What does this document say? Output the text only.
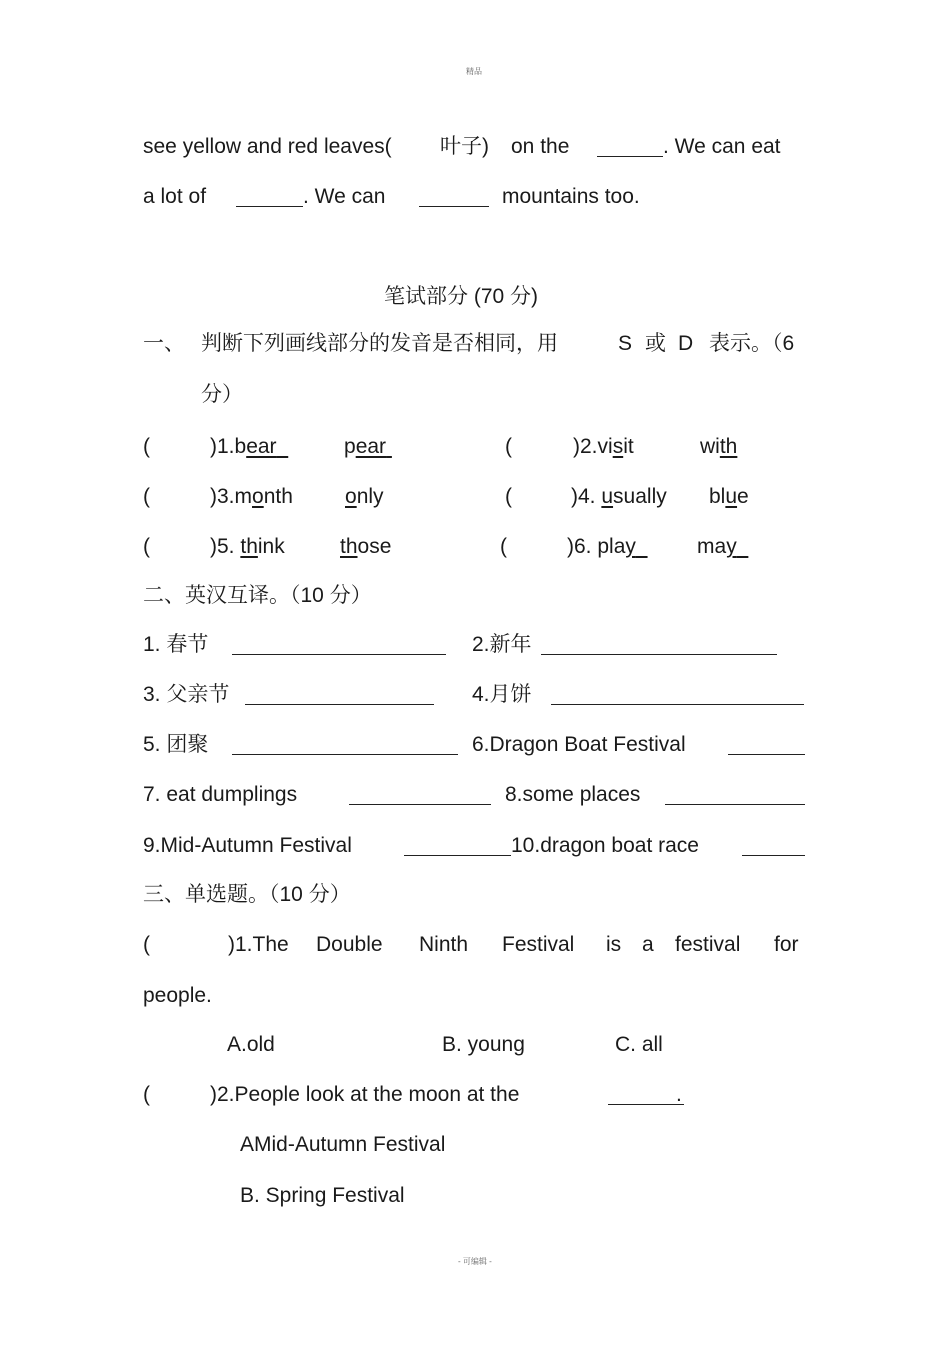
精品
- 可编辑 -
see yellow and red leaves( 叶子) on the	. We can eat
a lot of	. We can	mountains too.
笔试部分 (70 分)
一、 判断下列画线部分的发音是否相同，用	S 或 D 表示。（6
分）
(	)1.bear	pear	(	)2.visit	with
(	)3.month only	(	)4. usually blue
(	)5. think	those	(	)6. play	may
二、英汉互译。（10 分）
1. 春节	2.新年
3. 父亲节	4.月饼
5. 团聚	6.Dragon Boat Festival
7. eat dumplings	8.some places
9.Mid-Autumn Festival	10.dragon boat race
三、单选题。（10 分）
(	)1.The Double Ninth Festival is a festival for
people.
A.old	B. young	C. all
(	)2.People look at the moon at the	.
AMid-Autumn Festival
B. Spring Festival
